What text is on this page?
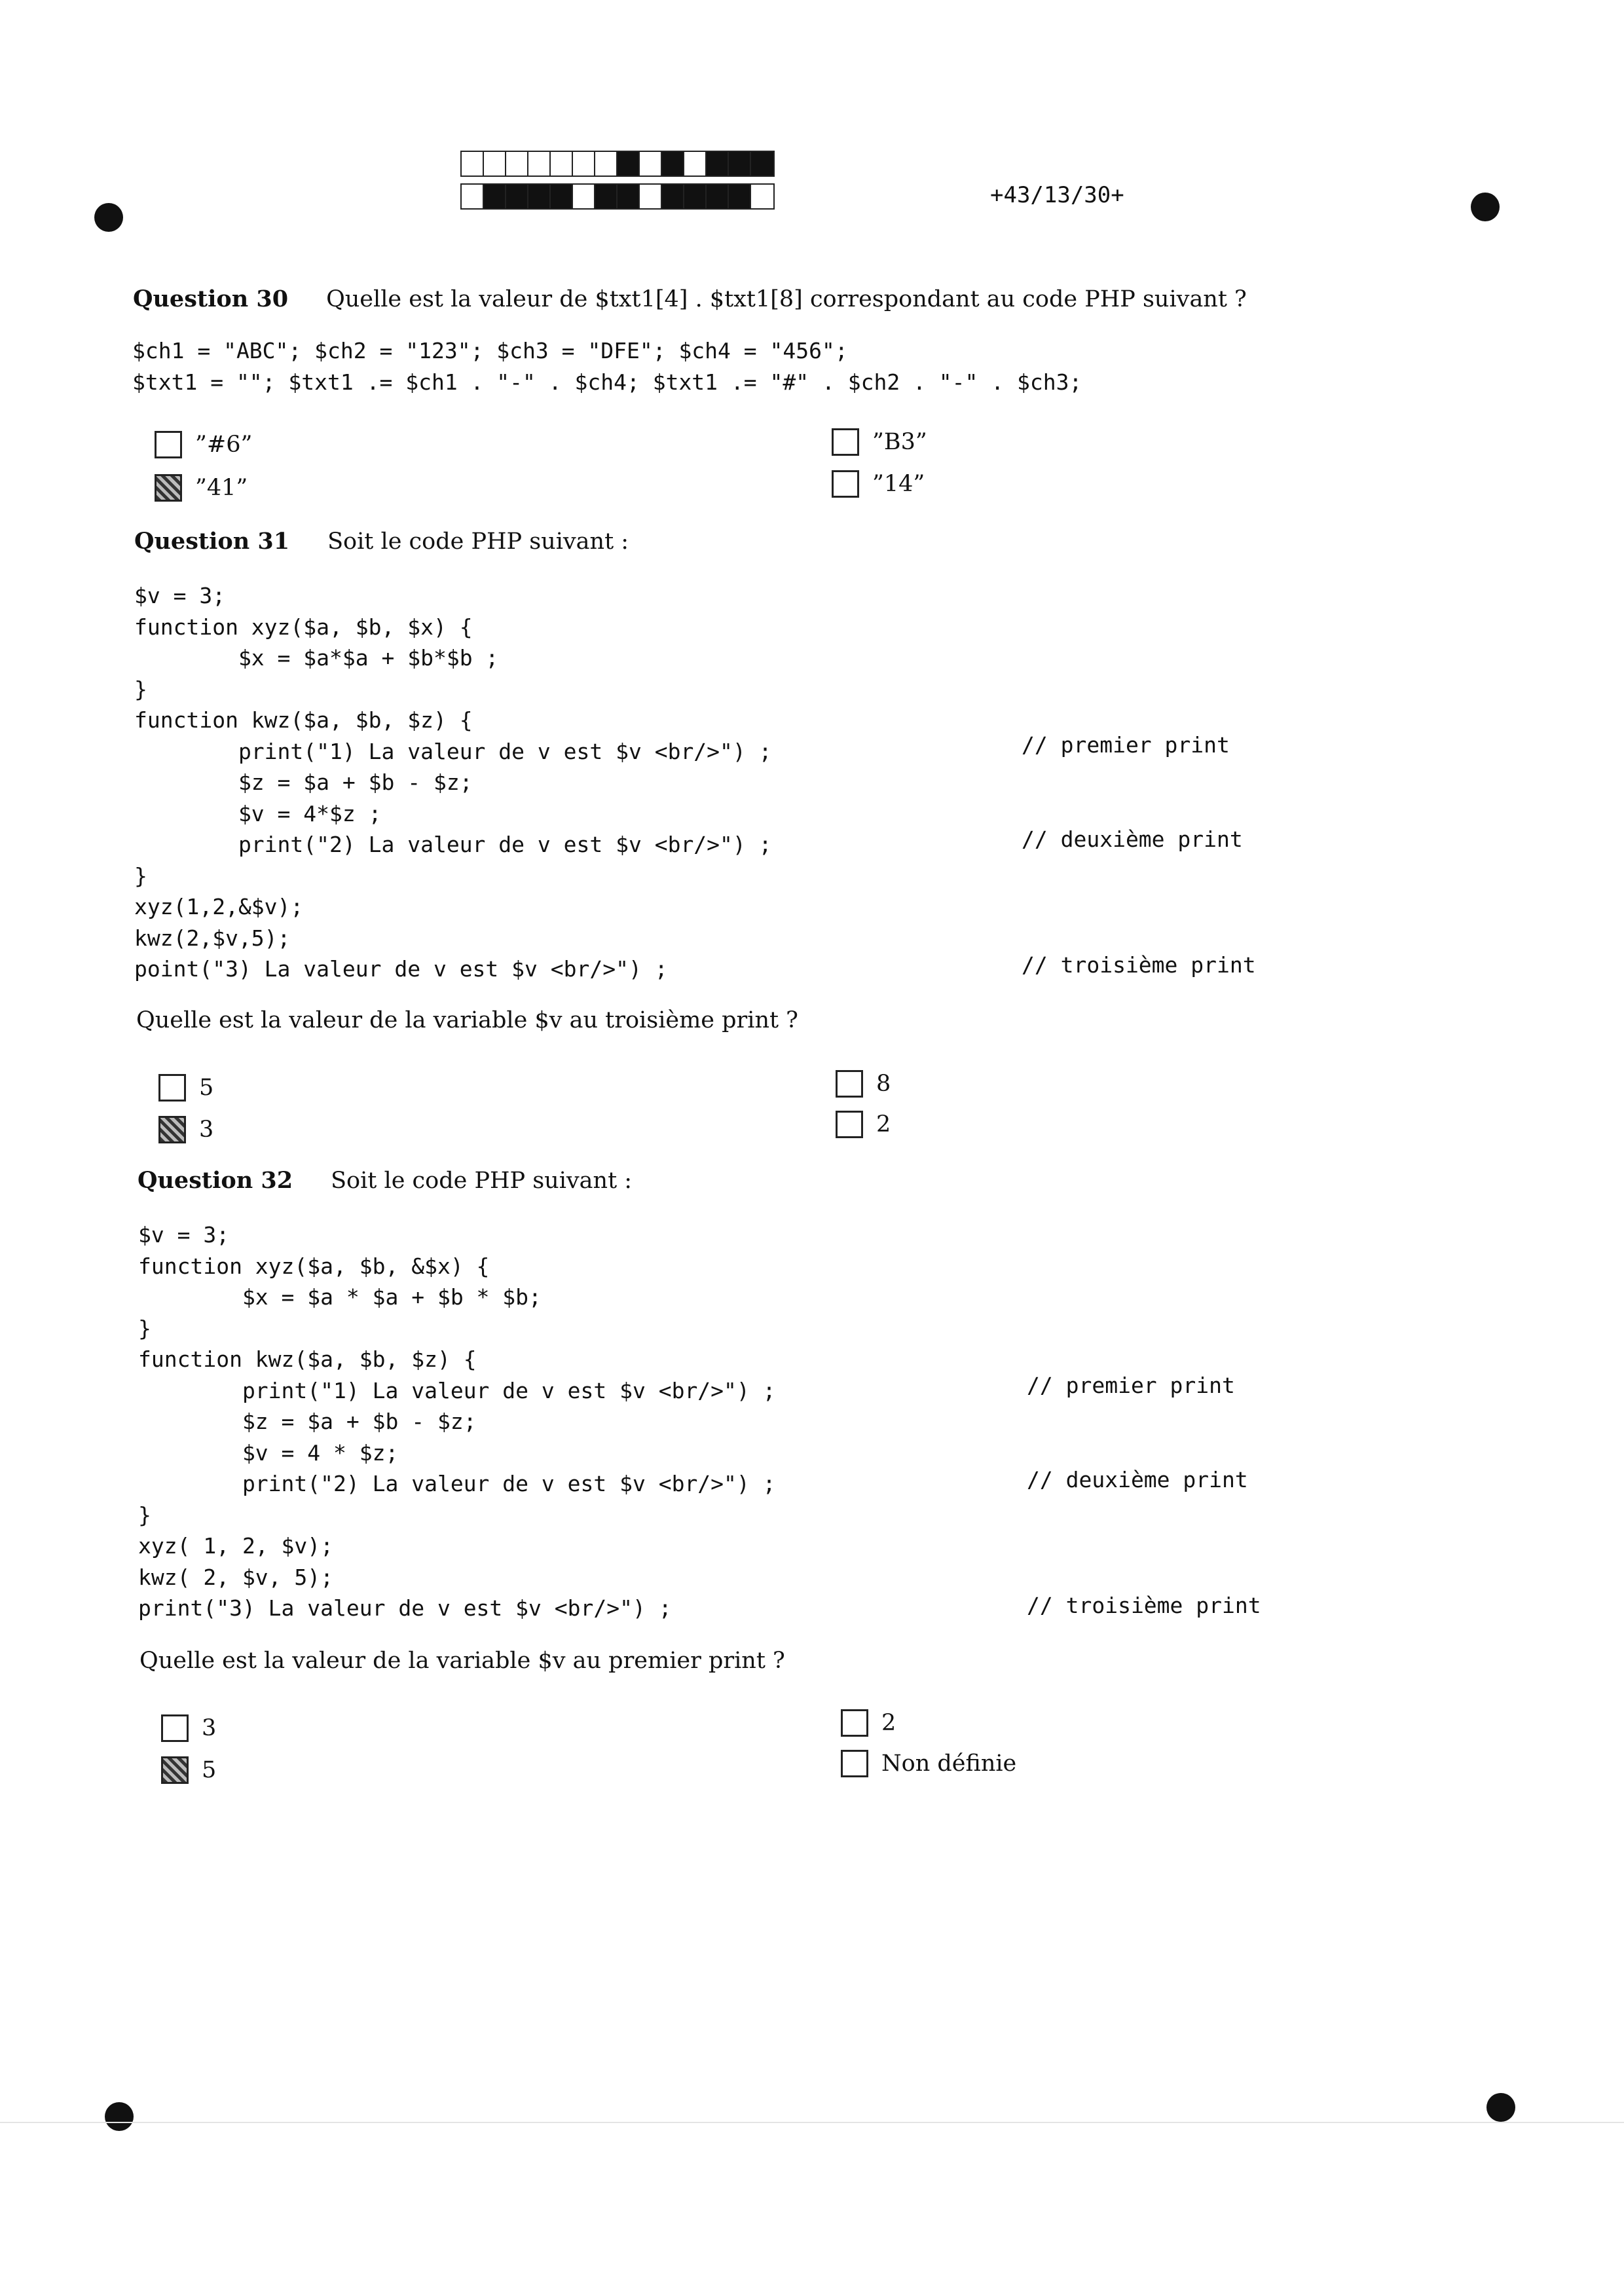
+43/13/30+
Question 30 Quelle est la valeur de $txt1[4] . $txt1[8] correspondant au code PHP suivant ?
$ch1 = "ABC"; $ch2 = "123"; $ch3 = "DFE"; $ch4 = "456";
$txt1 = ""; $txt1 .= $ch1 . "-" . $ch4; $txt1 .= "#" . $ch2 . "-" . $ch3;
”#6”
”41”
”B3”
”14”
Question 31 Soit le code PHP suivant :
$v = 3;
function xyz($a, $b, $x) {
$x = $a*$a + $b*$b ;
}
function kwz($a, $b, $z) {
print("1) La valeur de v est $v <br/>") ;
$z = $a + $b - $z;
$v = 4*$z ;
print("2) La valeur de v est $v <br/>") ;
}
xyz(1,2,&$v);
kwz(2,$v,5);
point("3) La valeur de v est $v <br/>") ;
// premier print
// deuxième print
// troisième print
Quelle est la valeur de la variable $v au troisième print ?
5
3
8
2
Question 32 Soit le code PHP suivant :
$v = 3;
function xyz($a, $b, &$x) {
$x = $a * $a + $b * $b;
}
function kwz($a, $b, $z) {
print("1) La valeur de v est $v <br/>") ;
$z = $a + $b - $z;
$v = 4 * $z;
print("2) La valeur de v est $v <br/>") ;
}
xyz( 1, 2, $v);
kwz( 2, $v, 5);
print("3) La valeur de v est $v <br/>") ;
// premier print
// deuxième print
// troisième print
Quelle est la valeur de la variable $v au premier print ?
3
5
2
Non définie
